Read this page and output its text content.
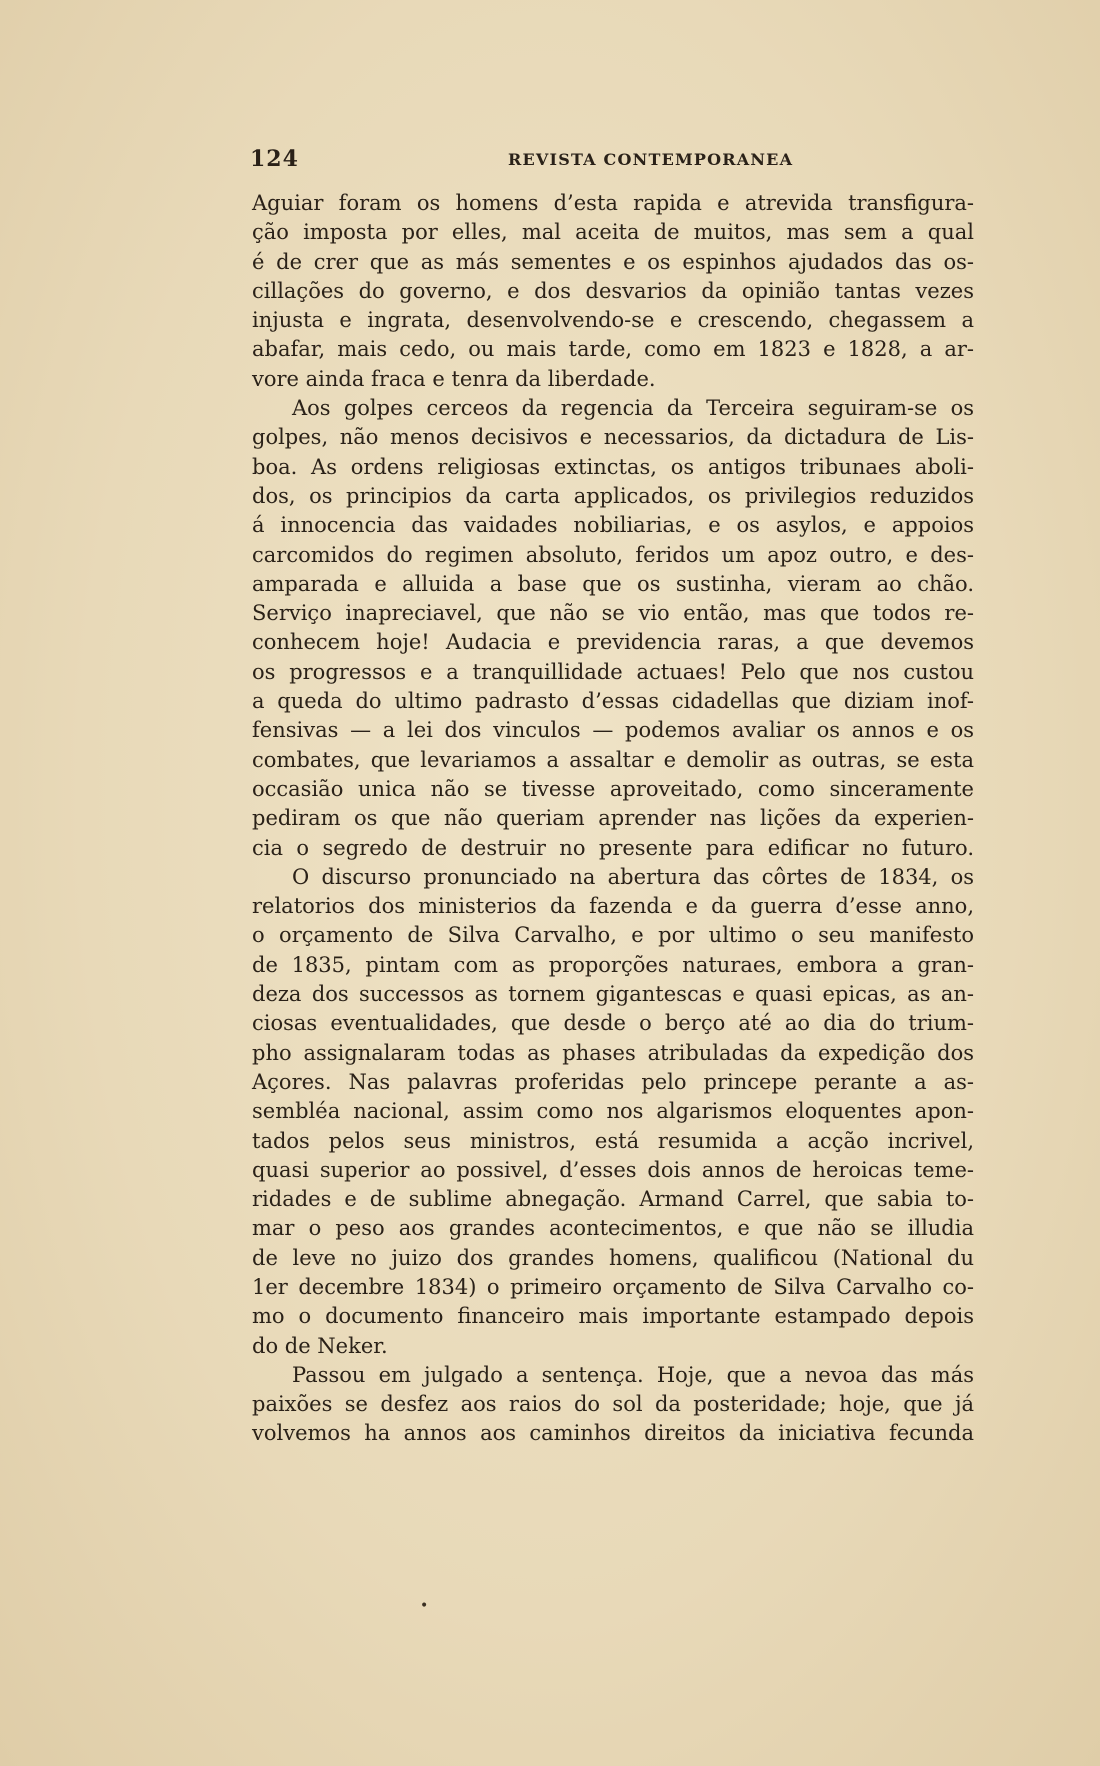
124	REVISTA CONTEMPORANEA
Aguiar foram os homens d’esta rapida e atrevida transfigura-
ção imposta por elles, mal aceita de muitos, mas sem a qual
é de crer que as más sementes e os espinhos ajudados das os-
cillações do governo, e dos desvarios da opinião tantas vezes
injusta e ingrata, desenvolvendo-se e crescendo, chegassem a
abafar, mais cedo, ou mais tarde, como em 1823 e 1828, a ar-
vore ainda fraca e tenra da liberdade.
Aos golpes cerceos da regencia da Terceira seguiram-se os
golpes, não menos decisivos e necessarios, da dictadura de Lis-
boa. As ordens religiosas extinctas, os antigos tribunaes aboli-
dos, os principios da carta applicados, os privilegios reduzidos
á innocencia das vaidades nobiliarias, e os asylos, e appoios
carcomidos do regimen absoluto, feridos um apoz outro, e des-
amparada e alluida a base que os sustinha, vieram ao chão.
Serviço inapreciavel, que não se vio então, mas que todos re-
conhecem hoje! Audacia e previdencia raras, a que devemos
os progressos e a tranquillidade actuaes! Pelo que nos custou
a queda do ultimo padrasto d’essas cidadellas que diziam inof-
fensivas — a lei dos vinculos — podemos avaliar os annos e os
combates, que levariamos a assaltar e demolir as outras, se esta
occasião unica não se tivesse aproveitado, como sinceramente
pediram os que não queriam aprender nas lições da experien-
cia o segredo de destruir no presente para edificar no futuro.
O discurso pronunciado na abertura das côrtes de 1834, os
relatorios dos ministerios da fazenda e da guerra d’esse anno,
o orçamento de Silva Carvalho, e por ultimo o seu manifesto
de 1835, pintam com as proporções naturaes, embora a gran-
deza dos successos as tornem gigantescas e quasi epicas, as an-
ciosas eventualidades, que desde o berço até ao dia do trium-
pho assignalaram todas as phases atribuladas da expedição dos
Açores. Nas palavras proferidas pelo princepe perante a as-
sembléa nacional, assim como nos algarismos eloquentes apon-
tados pelos seus ministros, está resumida a acção incrivel,
quasi superior ao possivel, d’esses dois annos de heroicas teme-
ridades e de sublime abnegação. Armand Carrel, que sabia to-
mar o peso aos grandes acontecimentos, e que não se illudia
de leve no juizo dos grandes homens, qualificou (National du
1er decembre 1834) o primeiro orçamento de Silva Carvalho co-
mo o documento financeiro mais importante estampado depois
do de Neker.
Passou em julgado a sentença. Hoje, que a nevoa das más
paixões se desfez aos raios do sol da posteridade; hoje, que já
volvemos ha annos aos caminhos direitos da iniciativa fecunda
•
